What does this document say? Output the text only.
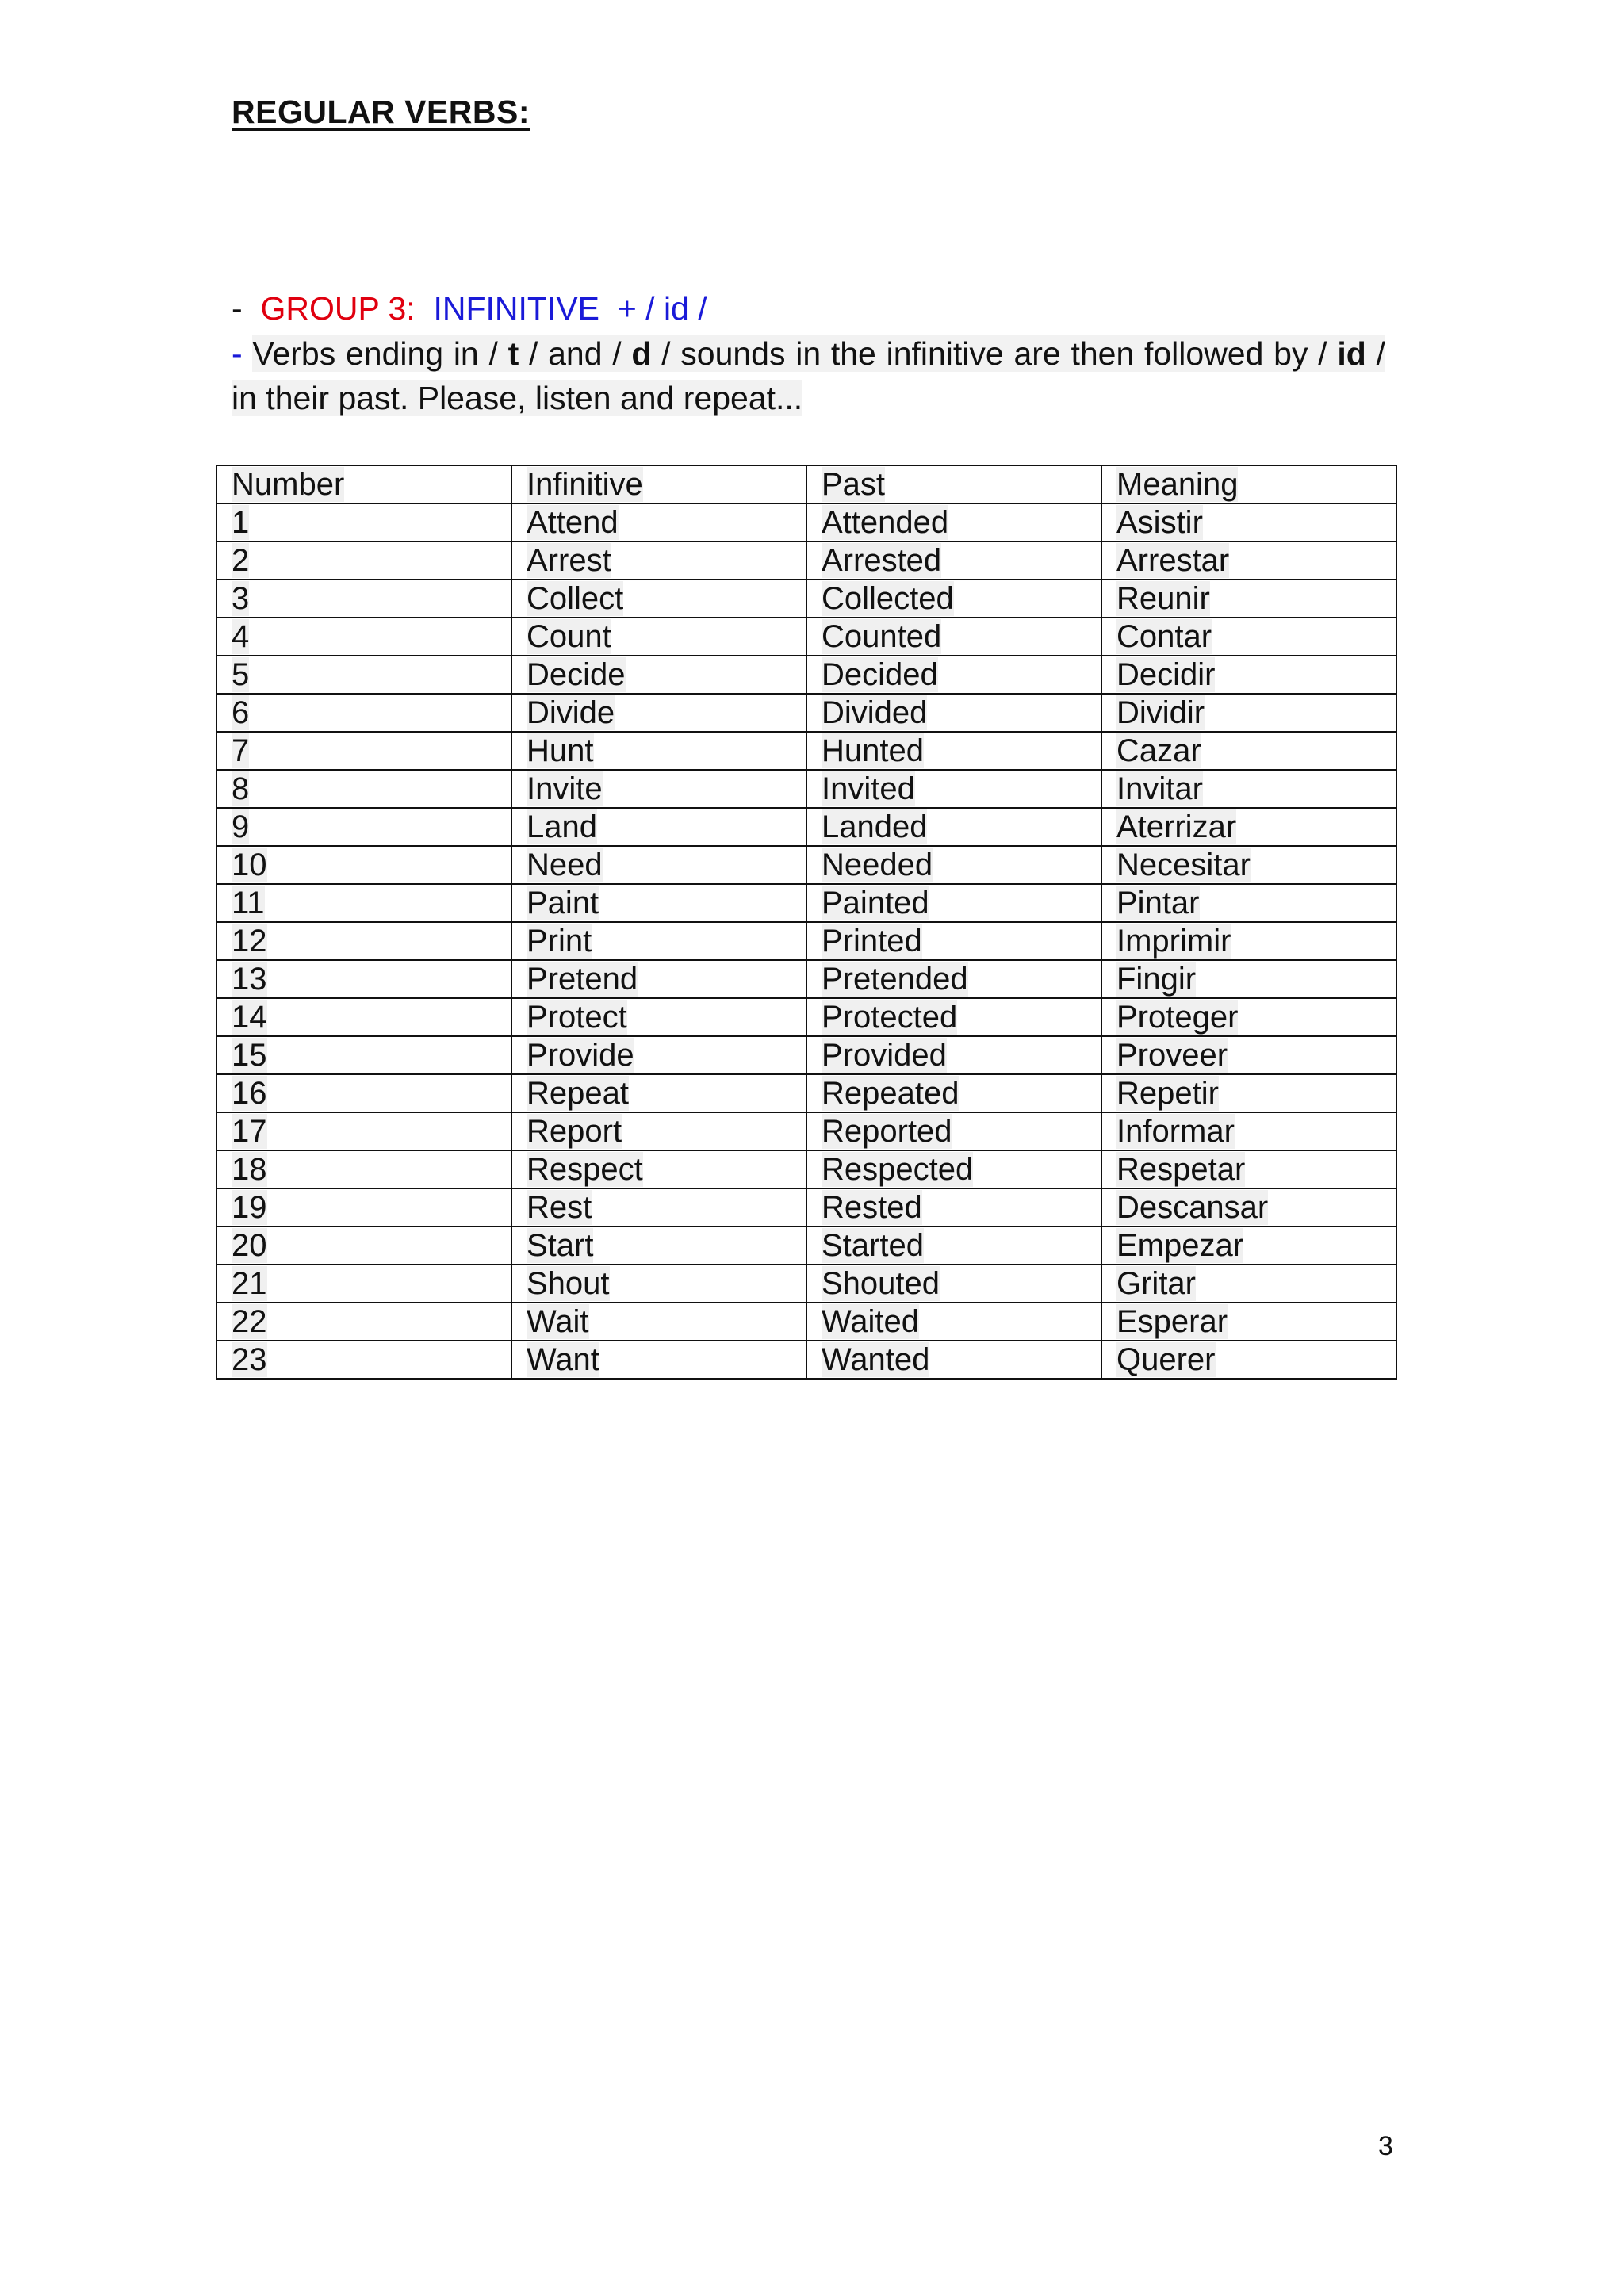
REGULAR VERBS:
- GROUP 3: INFINITIVE + / id /
- Verbs ending in / t / and / d / sounds in the infinitive are then followed by / id / in their past. Please, listen and repeat...
Number	Infinitive	Past	Meaning
1	Attend	Attended	Asistir
2	Arrest	Arrested	Arrestar
3	Collect	Collected	Reunir
4	Count	Counted	Contar
5	Decide	Decided	Decidir
6	Divide	Divided	Dividir
7	Hunt	Hunted	Cazar
8	Invite	Invited	Invitar
9	Land	Landed	Aterrizar
10	Need	Needed	Necesitar
11	Paint	Painted	Pintar
12	Print	Printed	Imprimir
13	Pretend	Pretended	Fingir
14	Protect	Protected	Proteger
15	Provide	Provided	Proveer
16	Repeat	Repeated	Repetir
17	Report	Reported	Informar
18	Respect	Respected	Respetar
19	Rest	Rested	Descansar
20	Start	Started	Empezar
21	Shout	Shouted	Gritar
22	Wait	Waited	Esperar
23	Want	Wanted	Querer
3
